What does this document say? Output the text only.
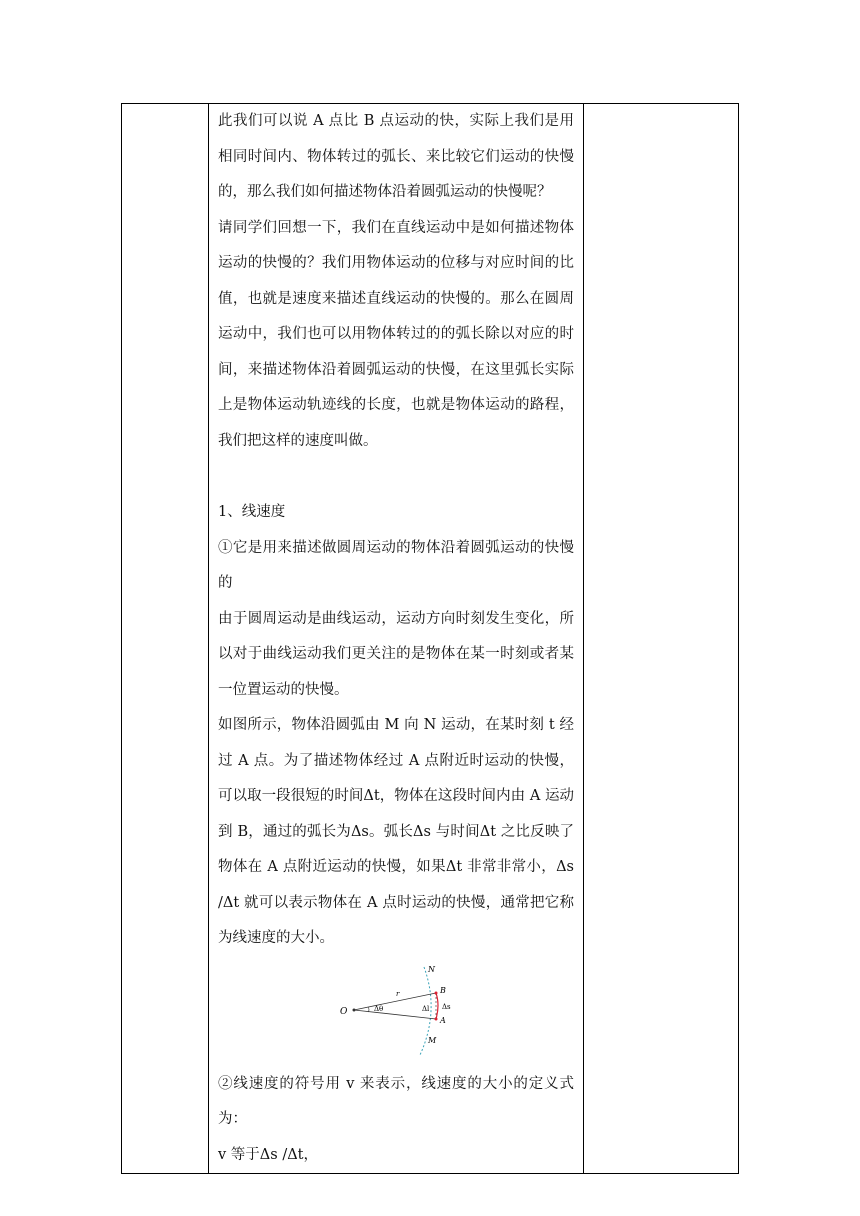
此我们可以说 A 点比 B 点运动的快，实际上我们是用相同时间内、物体转过的弧长、来比较它们运动的快慢的，那么我们如何描述物体沿着圆弧运动的快慢呢？

请同学们回想一下，我们在直线运动中是如何描述物体运动的快慢的？我们用物体运动的位移与对应时间的比值，也就是速度来描述直线运动的快慢的。那么在圆周运动中，我们也可以用物体转过的的弧长除以对应的时间，来描述物体沿着圆弧运动的快慢，在这里弧长实际上是物体运动轨迹线的长度，也就是物体运动的路程，我们把这样的速度叫做。

1、线速度

①它是用来描述做圆周运动的物体沿着圆弧运动的快慢的

由于圆周运动是曲线运动，运动方向时刻发生变化，所以对于曲线运动我们更关注的是物体在某一时刻或者某一位置运动的快慢。

如图所示，物体沿圆弧由 M 向 N 运动，在某时刻 t 经过 A 点。为了描述物体经过 A 点附近时运动的快慢，可以取一段很短的时间Δt，物体在这段时间内由 A 运动到 B，通过的弧长为Δs。弧长Δs 与时间Δt 之比反映了物体在 A 点附近运动的快慢，如果Δt 非常非常小，Δs /Δt 就可以表示物体在 A 点时运动的快慢，通常把它称为线速度的大小。

O
N
B
A
M
r
Δθ	Δl Δs

②线速度的符号用 v 来表示，线速度的大小的定义式为：

v 等于Δs /Δt，
